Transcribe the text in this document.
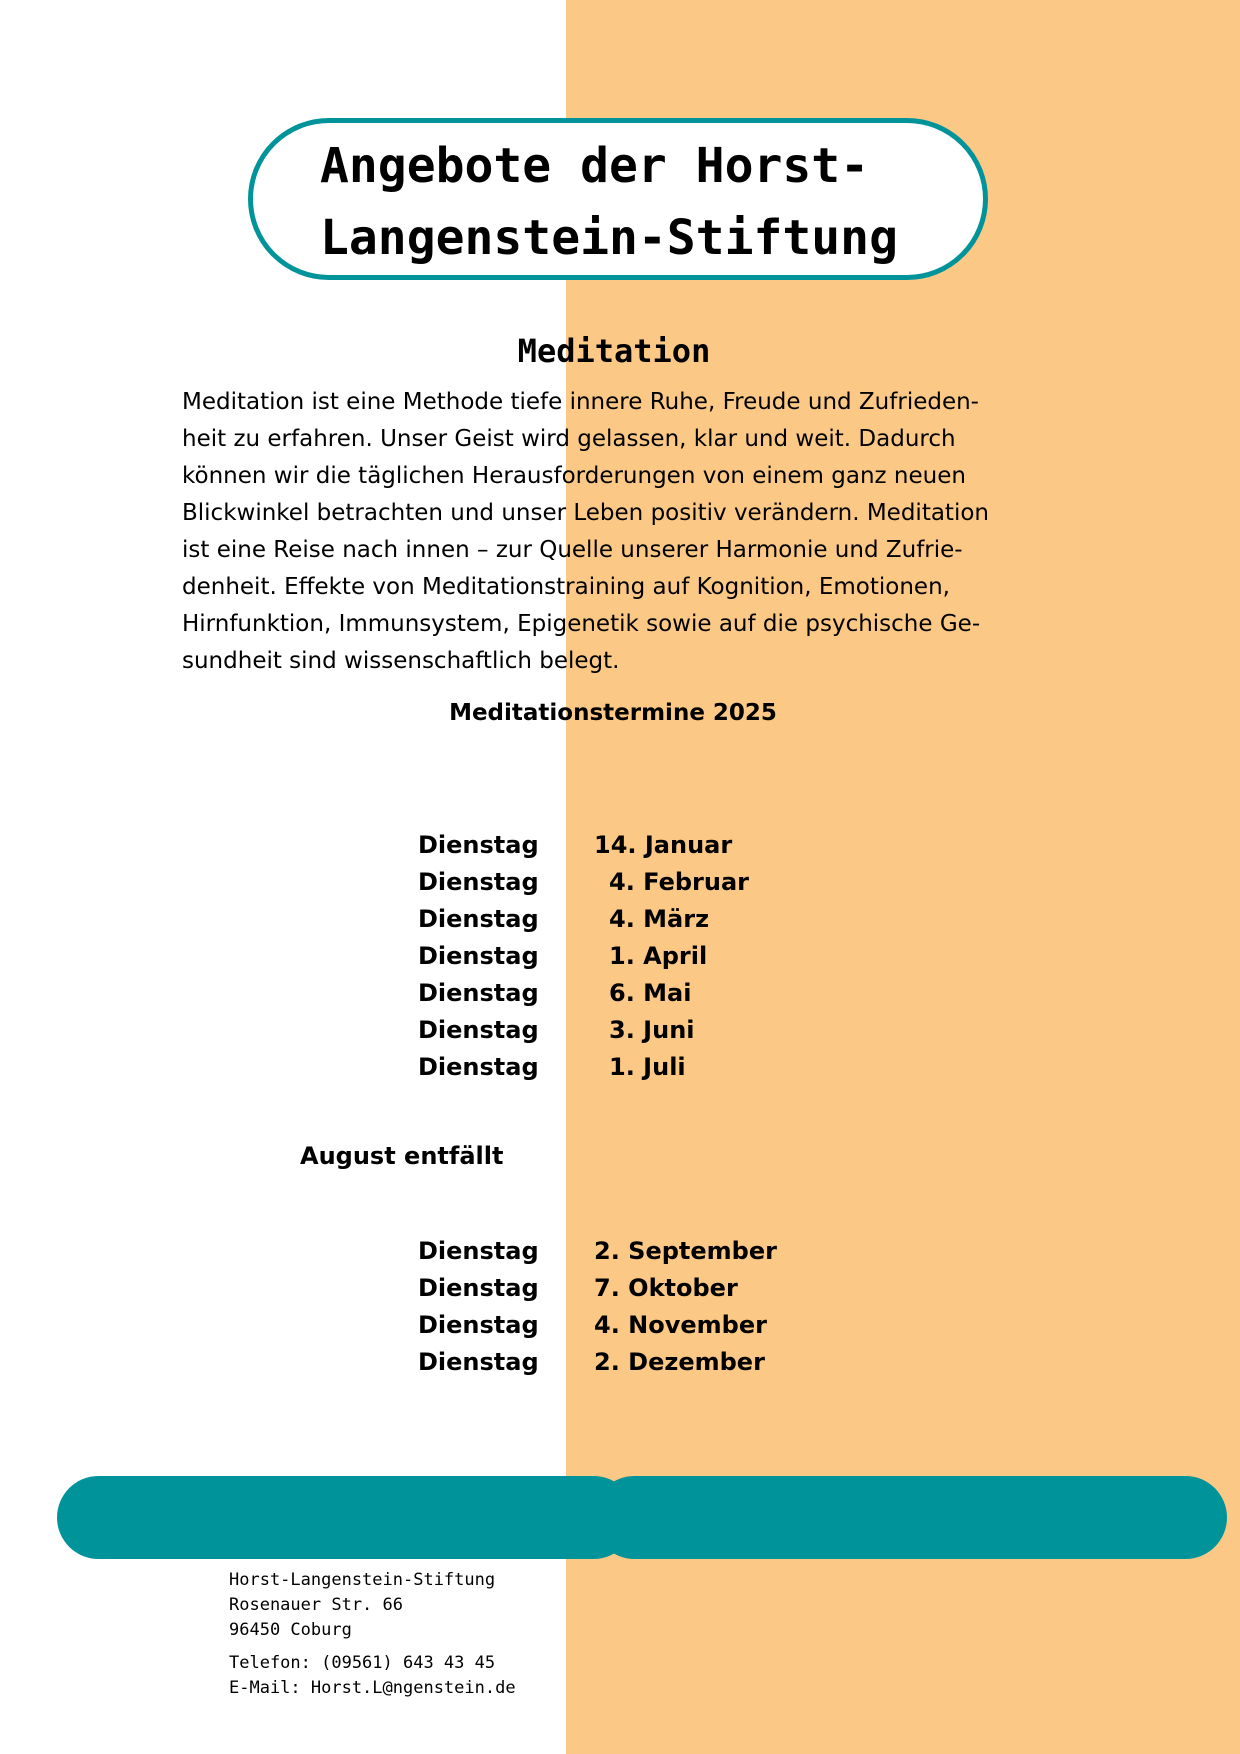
Angebote der Horst-
Langenstein-Stiftung
Meditation

Meditation ist eine Methode tiefe innere Ruhe, Freude und Zufrieden-
heit zu erfahren. Unser Geist wird gelassen, klar und weit. Dadurch
können wir die täglichen Herausforderungen von einem ganz neuen
Blickwinkel betrachten und unser Leben positiv verändern. Meditation
ist eine Reise nach innen – zur Quelle unserer Harmonie und Zufrie-
denheit. Effekte von Meditationstraining auf Kognition, Emotionen,
Hirnfunktion, Immunsystem, Epigenetik sowie auf die psychische Ge-
sundheit sind wissenschaftlich belegt.

Meditationstermine 2025
Dienstag 14. Januar
Dienstag	4. Februar
Dienstag	4. März
Dienstag	1. April
Dienstag	6. Mai
Dienstag	3. Juni
Dienstag	1. Juli

August entfällt

Dienstag 2. September
Dienstag 7. Oktober
Dienstag 4. November
Dienstag 2. Dezember
Horst-Langenstein-Stiftung
Rosenauer Str. 66
96450 Coburg
Telefon: (09561) 643 43 45
E-Mail: Horst.L@ngenstein.de
